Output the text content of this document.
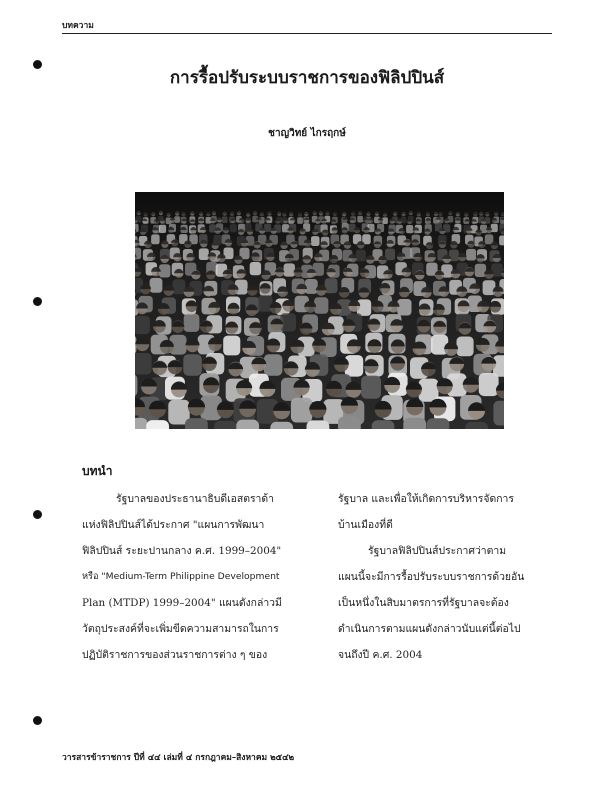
บทความ
การรื้อปรับระบบราชการของฟิลิปปินส์
ชาญวิทย์ ไกรฤกษ์
บทนำ
รัฐบาลของประธานาธิบดีเอสตราด้า
แห่งฟิลิปปินส์ได้ประกาศ "แผนการพัฒนา
ฟิลิปปินส์ ระยะปานกลาง ค.ศ. 1999–2004"
หรือ "Medium-Term Philippine Development
Plan (MTDP) 1999–2004" แผนดังกล่าวมี
วัตถุประสงค์ที่จะเพิ่มขีดความสามารถในการ
ปฏิบัติราชการของส่วนราชการต่าง ๆ ของ
รัฐบาล และเพื่อให้เกิดการบริหารจัดการ
บ้านเมืองที่ดี
รัฐบาลฟิลิปปินส์ประกาศว่าตาม
แผนนี้จะมีการรื้อปรับระบบราชการด้วยอัน
เป็นหนึ่งในสิบมาตรการที่รัฐบาลจะต้อง
ดำเนินการตามแผนดังกล่าวนับแต่นี้ต่อไป
จนถึงปี ค.ศ. 2004
วารสารข้าราชการ ปีที่ ๔๔ เล่มที่ ๔ กรกฎาคม–สิงหาคม ๒๕๔๒
